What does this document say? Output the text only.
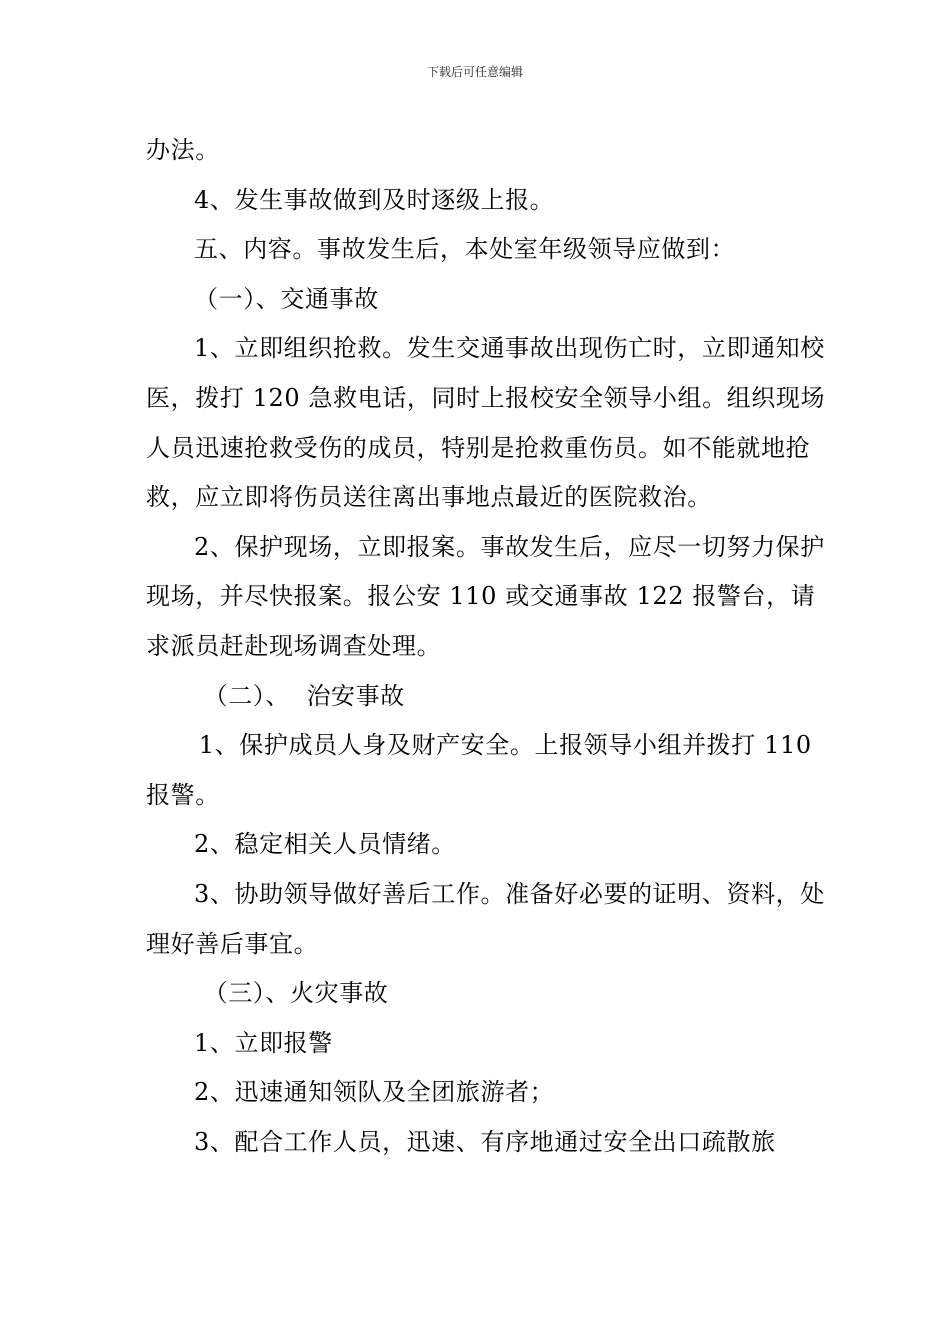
下载后可任意编辑

办法。

4、发生事故做到及时逐级上报。

五、内容。事故发生后，本处室年级领导应做到：

（一）、交通事故

1、立即组织抢救。发生交通事故出现伤亡时，立即通知校医，拨打 120 急救电话，同时上报校安全领导小组。组织现场人员迅速抢救受伤的成员，特别是抢救重伤员。如不能就地抢救，应立即将伤员送往离出事地点最近的医院救治。

2、保护现场，立即报案。事故发生后，应尽一切努力保护现场，并尽快报案。报公安 110 或交通事故 122 报警台，请求派员赶赴现场调查处理。

（二）、  治安事故

1、保护成员人身及财产安全。上报领导小组并拨打 110 报警。

2、稳定相关人员情绪。

3、协助领导做好善后工作。准备好必要的证明、资料，处理好善后事宜。

（三）、火灾事故

1、立即报警

2、迅速通知领队及全团旅游者；

3、配合工作人员，迅速、有序地通过安全出口疏散旅
